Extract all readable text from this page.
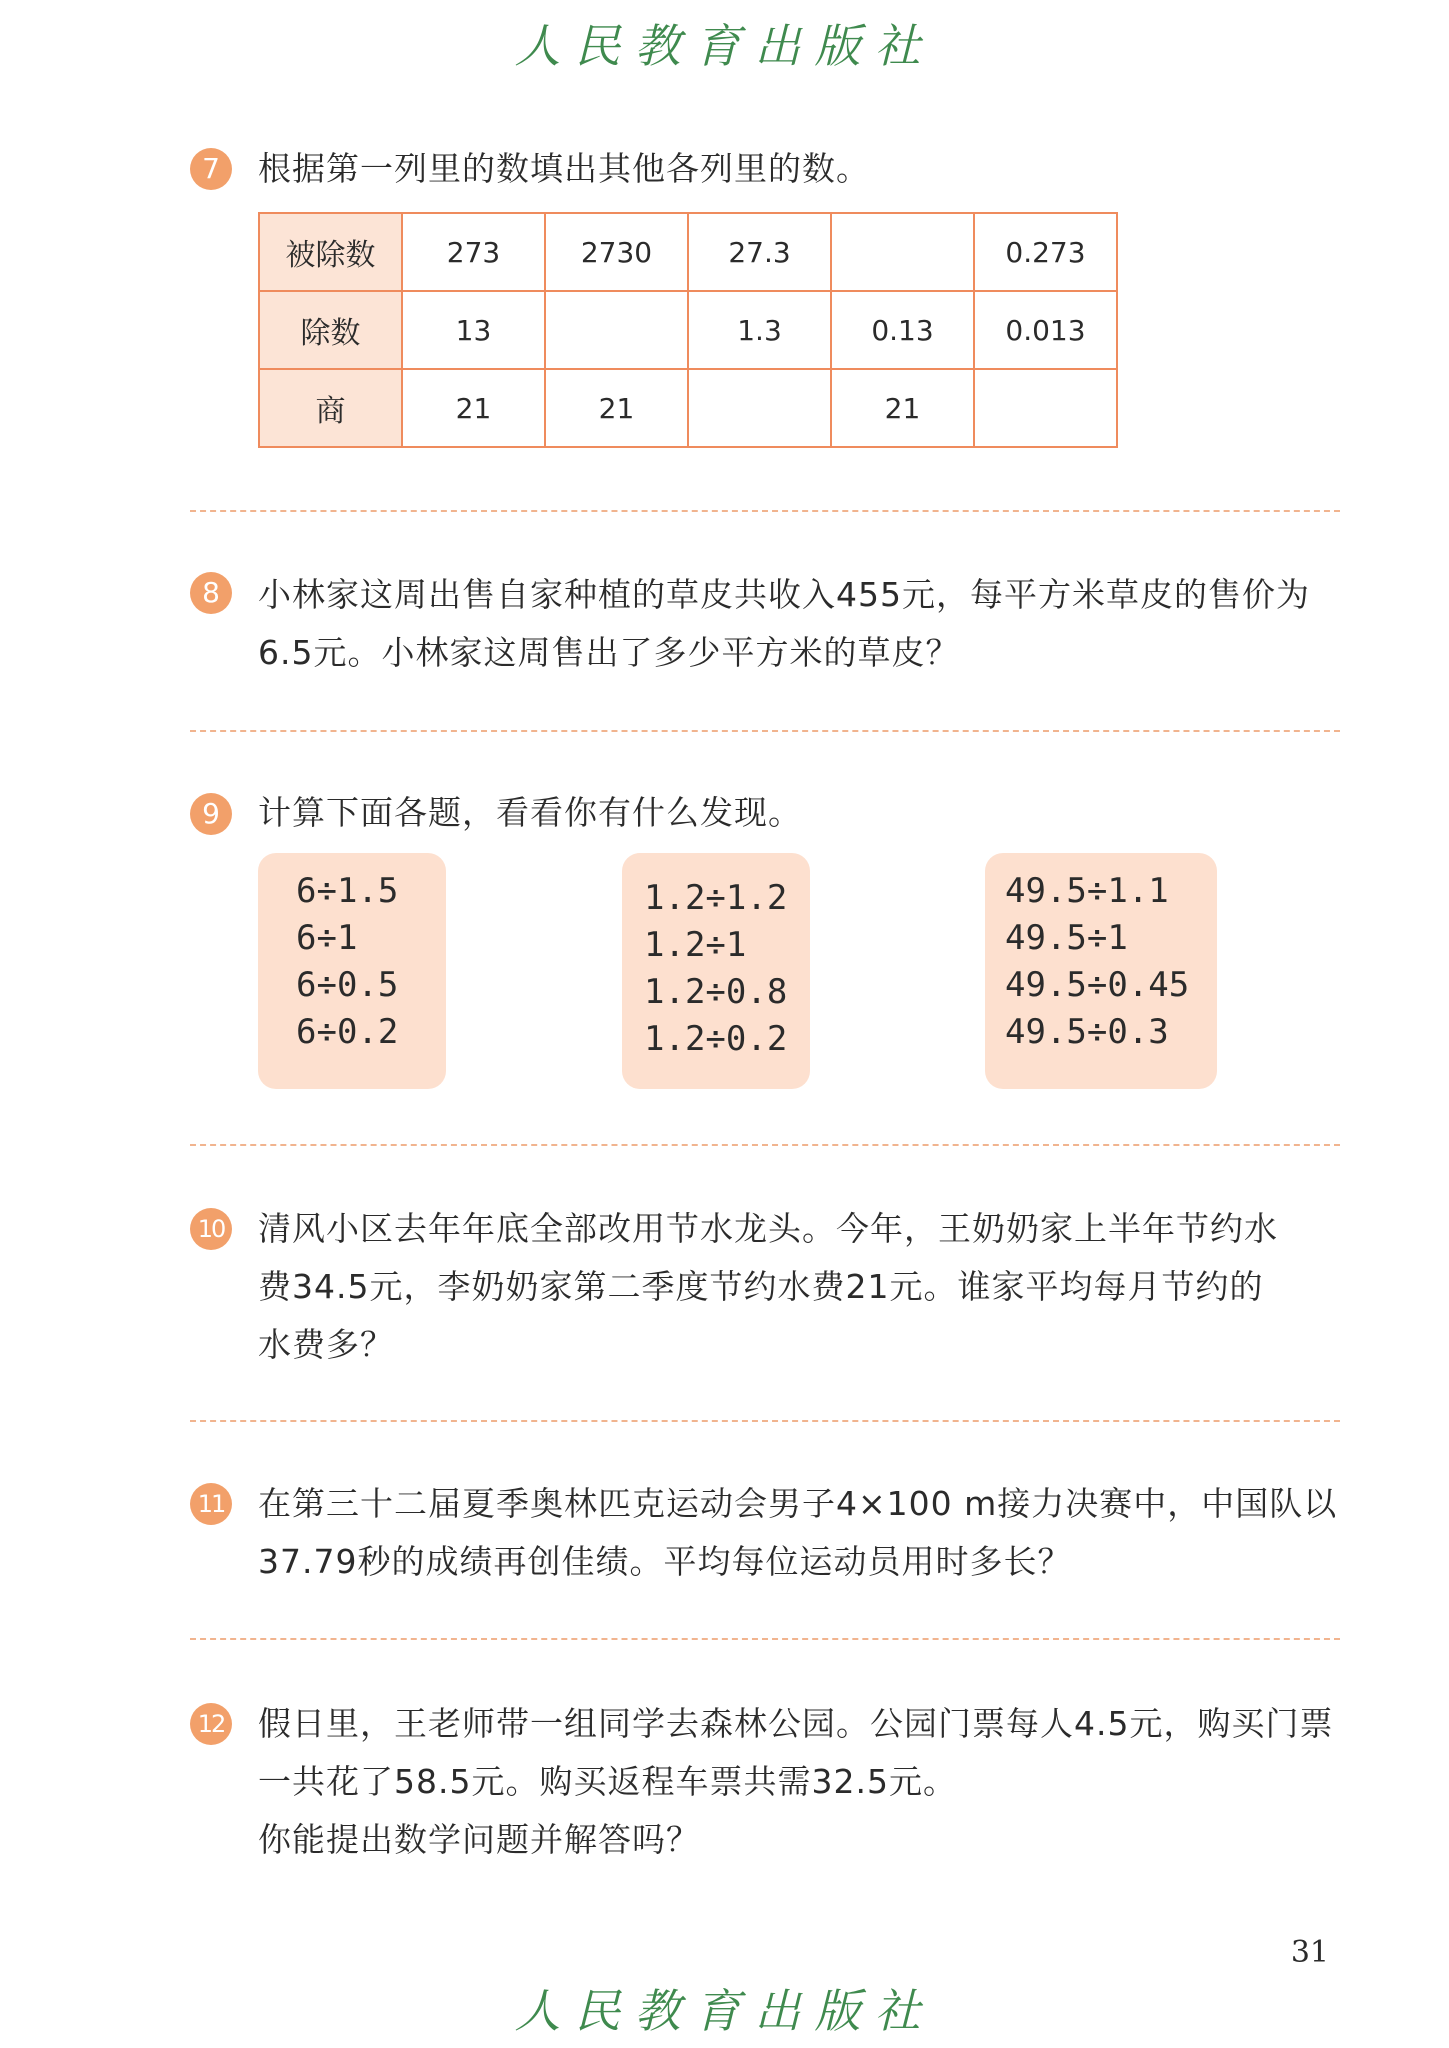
人民教育出版社
7	根据第一列里的数填出其他各列里的数。
被除数	273	2730	27.3		0.273
除数	13		1.3	0.13	0.013
商	21	21		21	
8	小林家这周出售自家种植的草皮共收入455元，每平方米草皮的售价为
6.5元。小林家这周售出了多少平方米的草皮？
9	计算下面各题，看看你有什么发现。
6÷1.5
6÷1
6÷0.5
6÷0.2
1.2÷1.2
1.2÷1
1.2÷0.8
1.2÷0.2
49.5÷1.1
49.5÷1
49.5÷0.45
49.5÷0.3
10 清风小区去年年底全部改用节水龙头。今年，王奶奶家上半年节约水
费34.5元，李奶奶家第二季度节约水费21元。谁家平均每月节约的
水费多？
11 在第三十二届夏季奥林匹克运动会男子4×100 m接力决赛中，中国队以
37.79秒的成绩再创佳绩。平均每位运动员用时多长？
12 假日里，王老师带一组同学去森林公园。公园门票每人4.5元，购买门票
一共花了58.5元。购买返程车票共需32.5元。
你能提出数学问题并解答吗？
31
人民教育出版社
